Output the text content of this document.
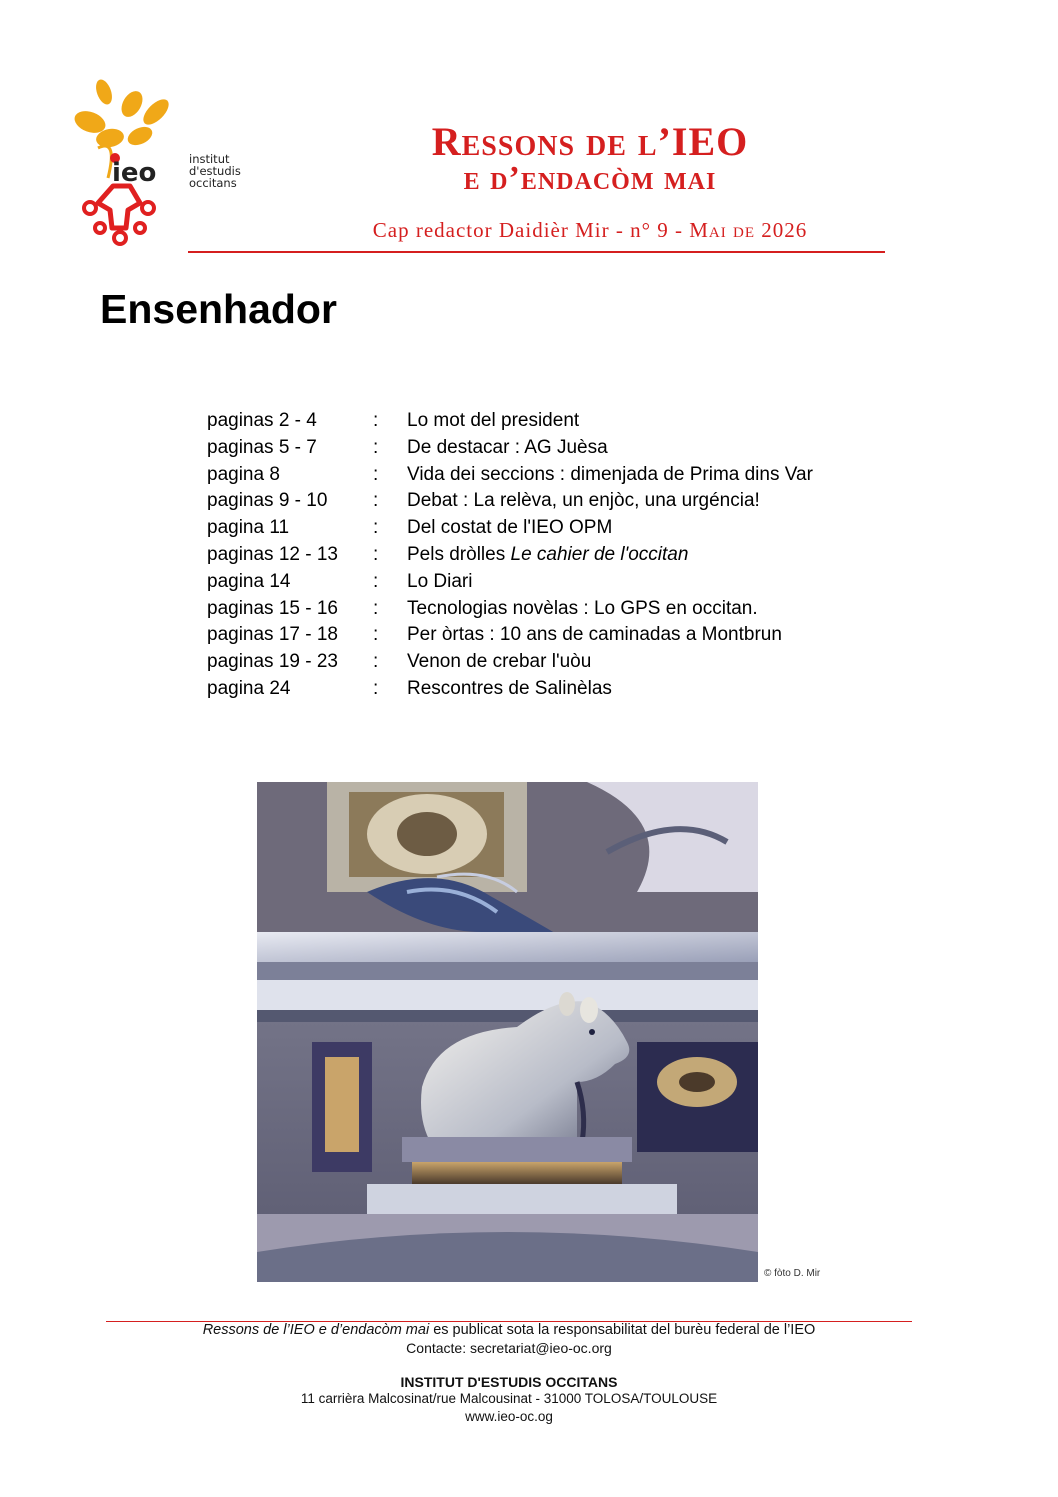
ieo	institut
d'estudis
occitans
Ressons de l’IEO
e d’endacòm mai
Cap redactor Daidièr Mir - n° 9 - Mai de 2026
Ensenhador
paginas 2 - 4	: Lo mot del president
paginas 5 - 7	: De destacar : AG Juèsa
pagina 8	: Vida dei seccions : dimenjada de Prima dins Var
paginas 9 - 10 : Debat : La relèva, un enjòc, una urgéncia!
pagina 11	: Del costat de l'IEO OPM
paginas 12 - 13 : Pels dròlles Le cahier de l'occitan
pagina 14	: Lo Diari
paginas 15 - 16 : Tecnologias novèlas : Lo GPS en occitan.
paginas 17 - 18 : Per òrtas : 10 ans de caminadas a Montbrun
paginas 19 - 23 : Venon de crebar l'uòu
pagina 24	: Rescontres de Salinèlas
© fòto D. Mir
Ressons de l’IEO e d’endacòm mai es publicat sota la responsabilitat del burèu federal de l’IEO
Contacte: secretariat@ieo-oc.org
INSTITUT D'ESTUDIS OCCITANS
11 carrièra Malcosinat/rue Malcousinat - 31000 TOLOSA/TOULOUSE
www.ieo-oc.og
